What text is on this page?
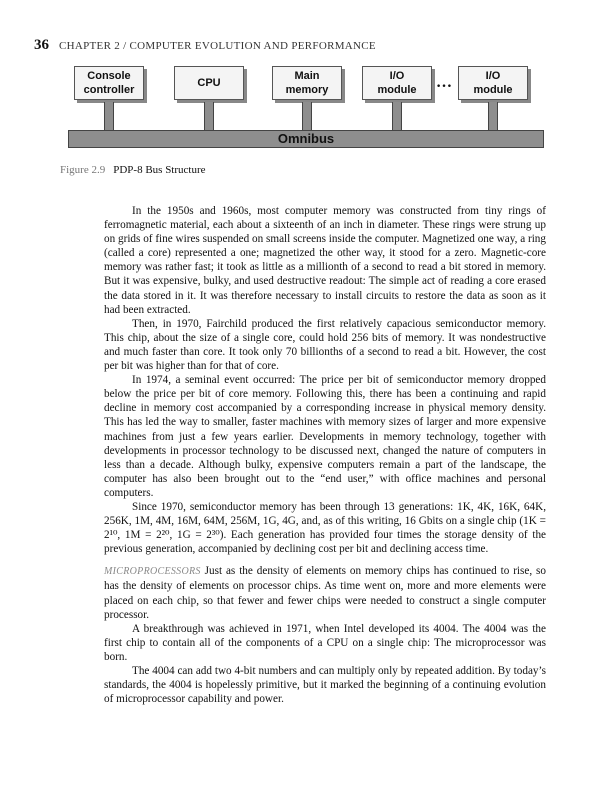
36 CHAPTER 2 / COMPUTER EVOLUTION AND PERFORMANCE
Console
controller
CPU
Main
memory
I/O
module …	I/O
module
Omnibus
Figure 2.9 PDP-8 Bus Structure

In the 1950s and 1960s, most computer memory was constructed from tiny rings of ferromagnetic material, each about a sixteenth of an inch in diameter. These rings were strung up on grids of fine wires suspended on small screens inside the computer. Magnetized one way, a ring (called a core) represented a one; magnetized the other way, it stood for a zero. Magnetic-core memory was rather fast; it took as little as a millionth of a second to read a bit stored in memory. But it was expensive, bulky, and used destructive readout: The simple act of reading a core erased the data stored in it. It was therefore necessary to install circuits to restore the data as soon as it had been extracted.

Then, in 1970, Fairchild produced the first relatively capacious semiconductor memory. This chip, about the size of a single core, could hold 256 bits of memory. It was nondestructive and much faster than core. It took only 70 billionths of a second to read a bit. However, the cost per bit was higher than for that of core.

In 1974, a seminal event occurred: The price per bit of semiconductor memory dropped below the price per bit of core memory. Following this, there has been a continuing and rapid decline in memory cost accompanied by a corresponding increase in physical memory density. This has led the way to smaller, faster machines with memory sizes of larger and more expensive machines from just a few years earlier. Developments in memory technology, together with developments in processor technology to be discussed next, changed the nature of computers in less than a decade. Although bulky, expensive computers remain a part of the landscape, the computer has also been brought out to the “end user,” with office machines and personal computers.

Since 1970, semiconductor memory has been through 13 generations: 1K, 4K, 16K, 64K, 256K, 1M, 4M, 16M, 64M, 256M, 1G, 4G, and, as of this writing, 16 Gbits on a single chip (1K = 2¹⁰, 1M = 2²⁰, 1G = 2³⁰). Each generation has provided four times the storage density of the previous generation, accompanied by declining cost per bit and declining access time.

MICROPROCESSORS Just as the density of elements on memory chips has continued to rise, so has the density of elements on processor chips. As time went on, more and more elements were placed on each chip, so that fewer and fewer chips were needed to construct a single computer processor.

A breakthrough was achieved in 1971, when Intel developed its 4004. The 4004 was the first chip to contain all of the components of a CPU on a single chip: The microprocessor was born.

The 4004 can add two 4-bit numbers and can multiply only by repeated addition. By today’s standards, the 4004 is hopelessly primitive, but it marked the beginning of a continuing evolution of microprocessor capability and power.
